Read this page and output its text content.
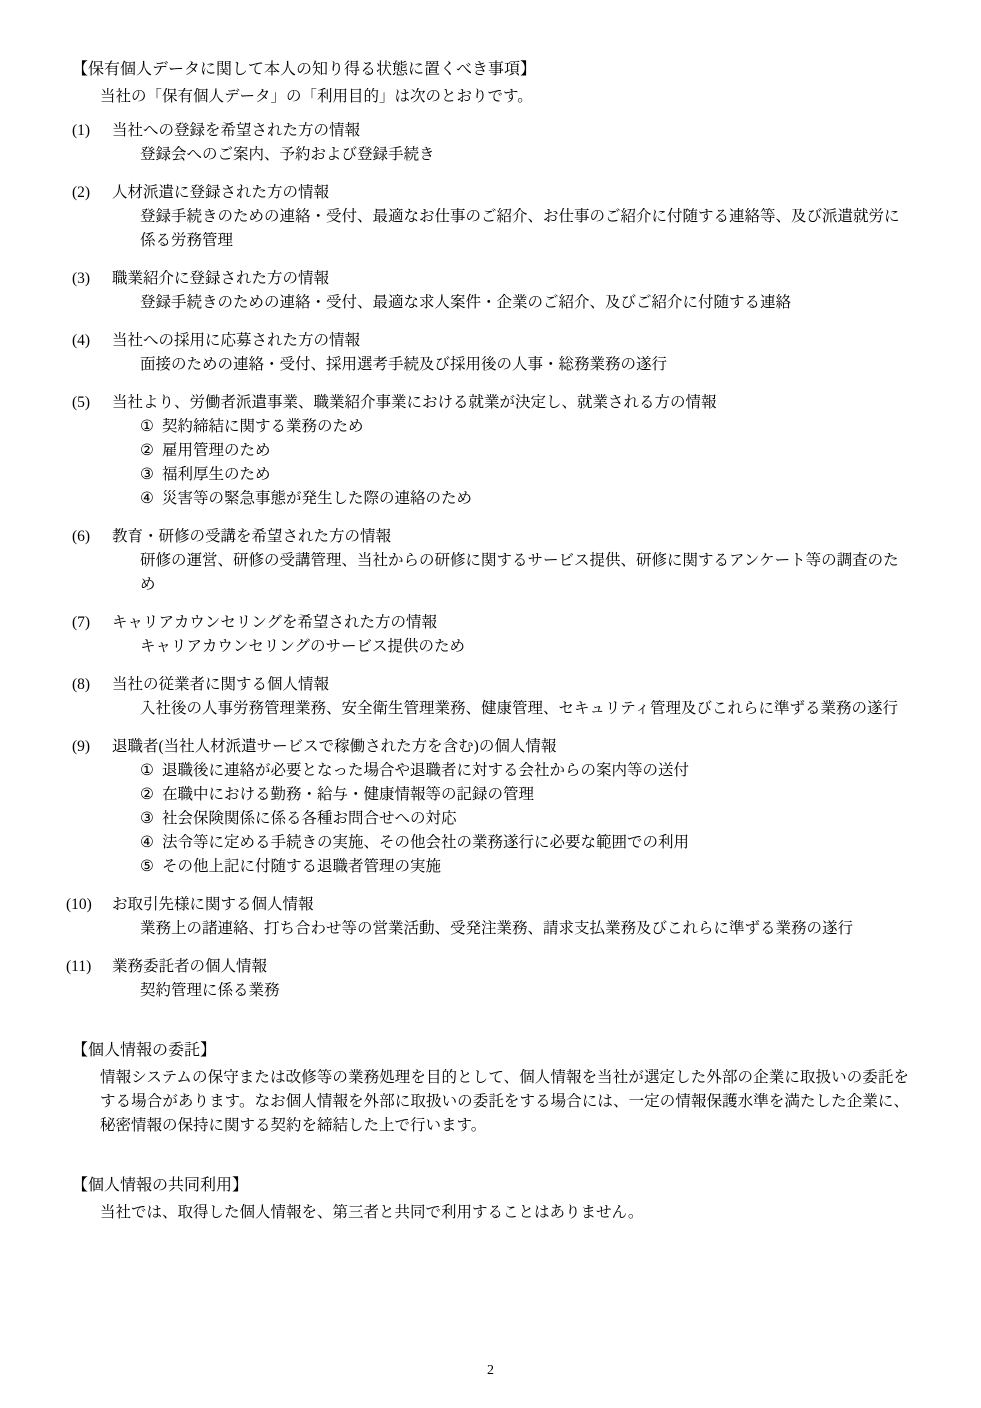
【保有個人データに関して本人の知り得る状態に置くべき事項】
当社の「保有個人データ」の「利用目的」は次のとおりです。
(1)	当社への登録を希望された方の情報
登録会へのご案内、予約および登録手続き
(2)	人材派遣に登録された方の情報
登録手続きのための連絡・受付、最適なお仕事のご紹介、お仕事のご紹介に付随する連絡等、及び派遣就労に係る労務管理
(3)	職業紹介に登録された方の情報
登録手続きのための連絡・受付、最適な求人案件・企業のご紹介、及びご紹介に付随する連絡
(4)	当社への採用に応募された方の情報
面接のための連絡・受付、採用選考手続及び採用後の人事・総務業務の遂行
(5)	当社より、労働者派遣事業、職業紹介事業における就業が決定し、就業される方の情報
① 契約締結に関する業務のため
② 雇用管理のため
③ 福利厚生のため
④ 災害等の緊急事態が発生した際の連絡のため
(6)	教育・研修の受講を希望された方の情報
研修の運営、研修の受講管理、当社からの研修に関するサービス提供、研修に関するアンケート等の調査のため
(7)	キャリアカウンセリングを希望された方の情報
キャリアカウンセリングのサービス提供のため
(8)	当社の従業者に関する個人情報
入社後の人事労務管理業務、安全衛生管理業務、健康管理、セキュリティ管理及びこれらに準ずる業務の遂行
(9)	退職者(当社人材派遣サービスで稼働された方を含む)の個人情報
① 退職後に連絡が必要となった場合や退職者に対する会社からの案内等の送付
② 在職中における勤務・給与・健康情報等の記録の管理
③ 社会保険関係に係る各種お問合せへの対応
④ 法令等に定める手続きの実施、その他会社の業務遂行に必要な範囲での利用
⑤ その他上記に付随する退職者管理の実施
(10)	お取引先様に関する個人情報
業務上の諸連絡、打ち合わせ等の営業活動、受発注業務、請求支払業務及びこれらに準ずる業務の遂行
(11)	業務委託者の個人情報
契約管理に係る業務
【個人情報の委託】
情報システムの保守または改修等の業務処理を目的として、個人情報を当社が選定した外部の企業に取扱いの委託をする場合があります。なお個人情報を外部に取扱いの委託をする場合には、一定の情報保護水準を満たした企業に、秘密情報の保持に関する契約を締結した上で行います。
【個人情報の共同利用】
当社では、取得した個人情報を、第三者と共同で利用することはありません。
2
